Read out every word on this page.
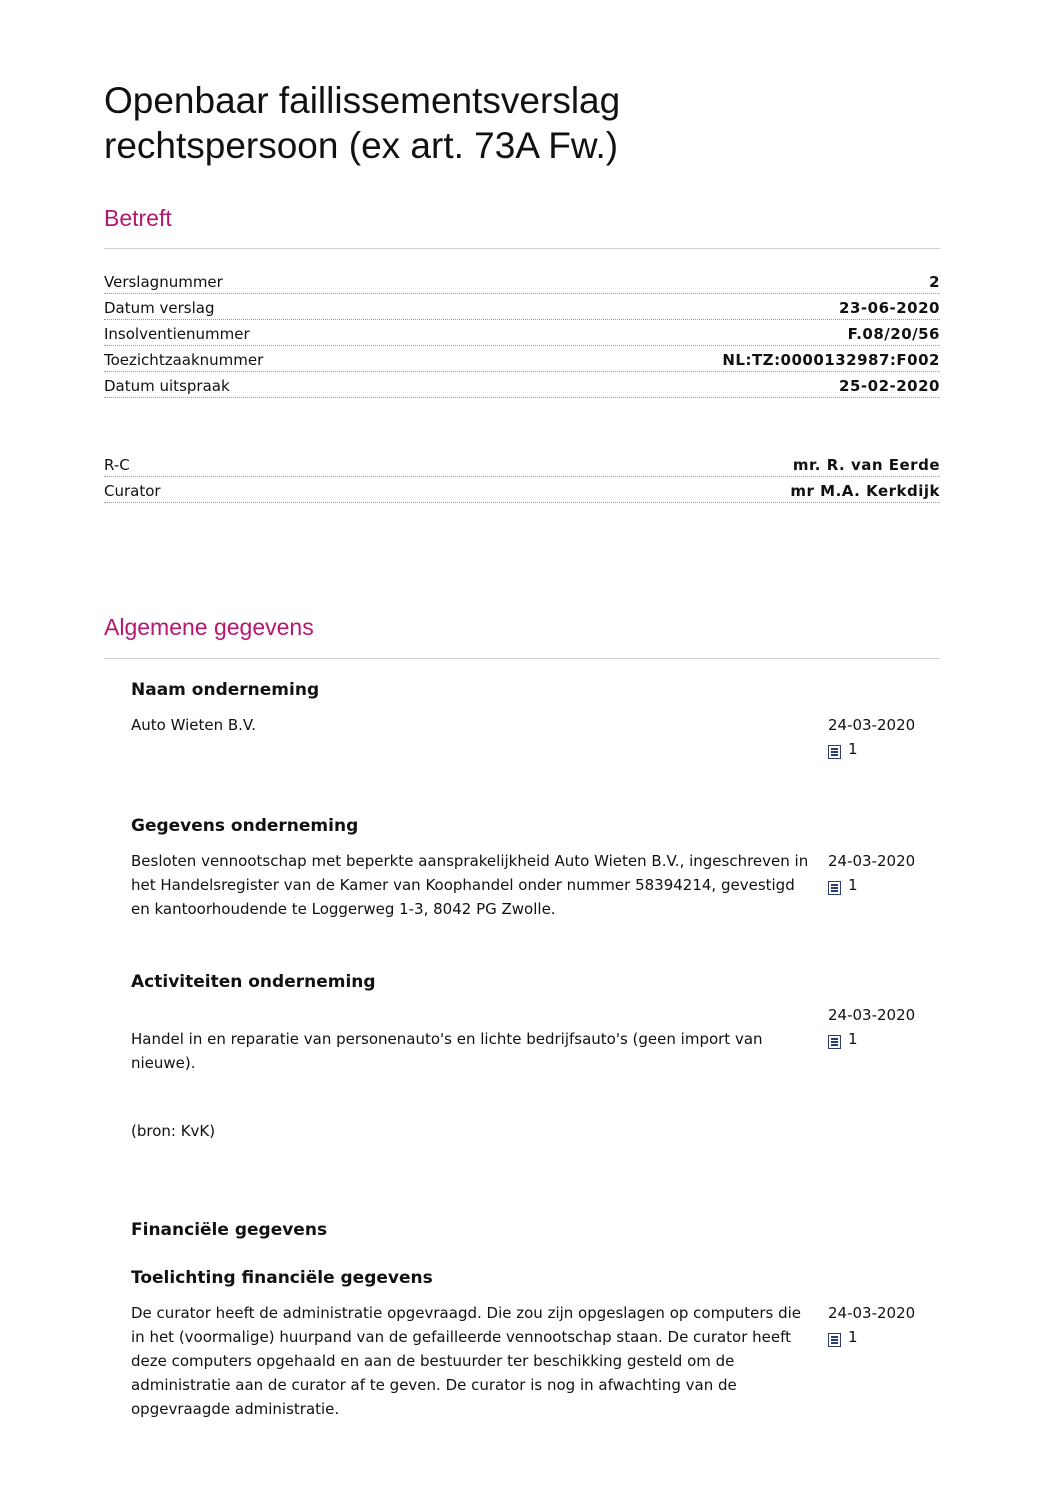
Openbaar faillissementsverslag
rechtspersoon (ex art. 73A Fw.)
Betreft
Verslagnummer	2
Datum verslag	23-06-2020
Insolventienummer	F.08/20/56
Toezichtzaaknummer	NL:TZ:0000132987:F002
Datum uitspraak	25-02-2020
R-C	mr. R. van Eerde
Curator	mr M.A. Kerkdijk
Algemene gegevens
Naam onderneming
Auto Wieten B.V.	24-03-2020
1
Gegevens onderneming
Besloten vennootschap met beperkte aansprakelijkheid Auto Wieten B.V., ingeschreven in het Handelsregister van de Kamer van Koophandel onder nummer 58394214, gevestigd en kantoorhoudende te Loggerweg 1-3, 8042 PG Zwolle.
24-03-2020
1
Activiteiten onderneming

Handel in en reparatie van personenauto's en lichte bedrijfsauto's (geen import van nieuwe).

(bron: KvK)

24-03-2020
1
Financiële gegevens
Toelichting financiële gegevens
De curator heeft de administratie opgevraagd. Die zou zijn opgeslagen op computers die in het (voormalige) huurpand van de gefailleerde vennootschap staan. De curator heeft deze computers opgehaald en aan de bestuurder ter beschikking gesteld om de administratie aan de curator af te geven. De curator is nog in afwachting van de opgevraagde administratie.
24-03-2020
1
